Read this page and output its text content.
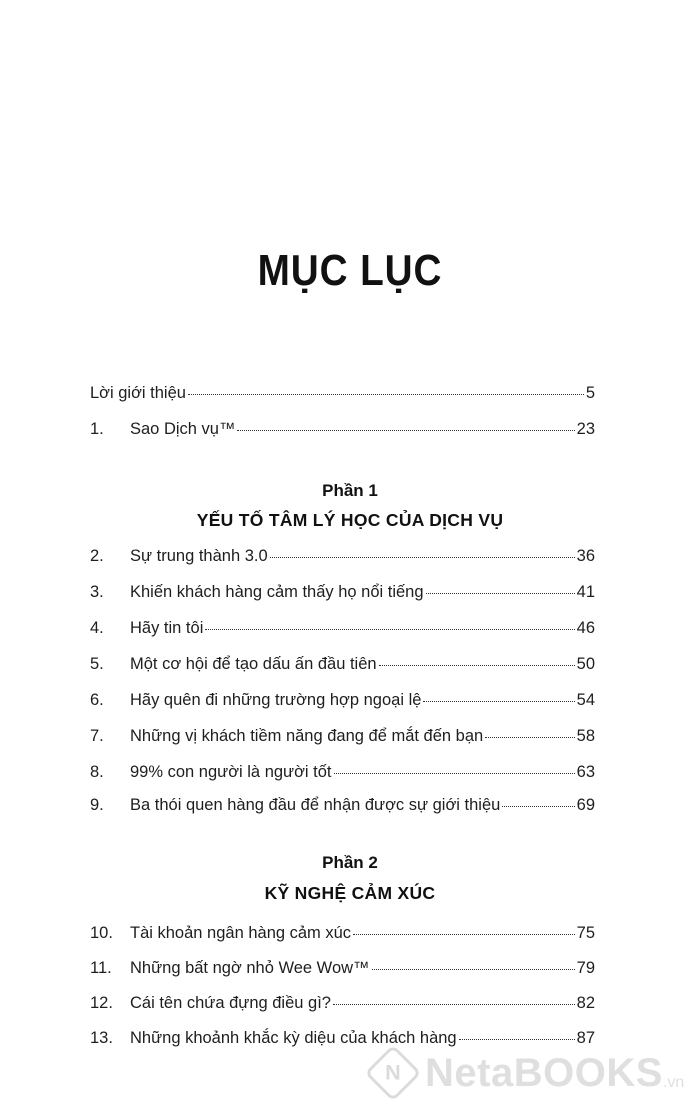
MỤC LỤC
Lời giới thiệu	5
1.	Sao Dịch vụ™	23
Phần 1
YẾU TỐ TÂM LÝ HỌC CỦA DỊCH VỤ
2.	Sự trung thành 3.0	36
3.	Khiến khách hàng cảm thấy họ nổi tiếng	41
4.	Hãy tin tôi	46
5.	Một cơ hội để tạo dấu ấn đầu tiên	50
6.	Hãy quên đi những trường hợp ngoại lệ	54
7.	Những vị khách tiềm năng đang để mắt đến bạn	58
8.	99% con người là người tốt	63
9.	Ba thói quen hàng đầu để nhận được sự giới thiệu	69
Phần 2
KỸ NGHỆ CẢM XÚC
10.	Tài khoản ngân hàng cảm xúc	75
11.	Những bất ngờ nhỏ Wee Wow™	79
12.	Cái tên chứa đựng điều gì?	82
13.	Những khoảnh khắc kỳ diệu của khách hàng	87
N NetaBOOKS .vn
